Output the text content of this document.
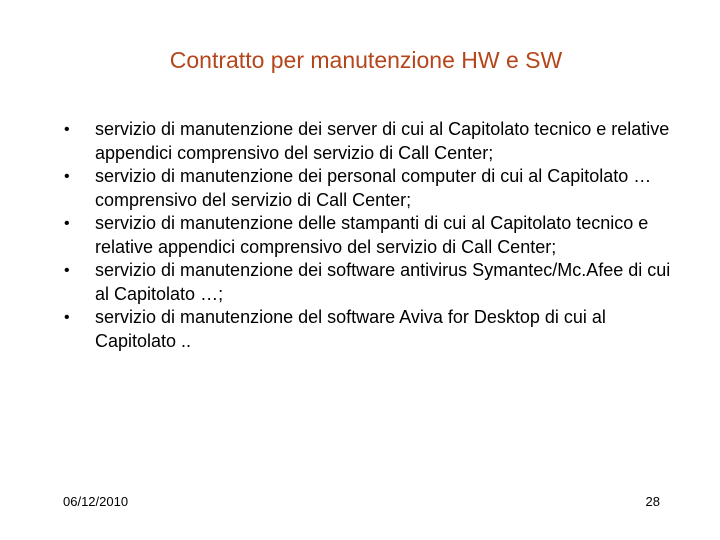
Contratto per manutenzione HW e SW
• servizio di manutenzione dei server di cui al Capitolato tecnico e relative appendici comprensivo del servizio di Call Center;
• servizio di manutenzione dei personal computer di cui al Capitolato … comprensivo del servizio di Call Center;
• servizio di manutenzione delle stampanti di cui al Capitolato tecnico e relative appendici comprensivo del servizio di Call Center;
• servizio di manutenzione dei software antivirus Symantec/Mc.Afee di cui al Capitolato …;
• servizio di manutenzione del software Aviva for Desktop di cui al Capitolato ..
06/12/2010	28
